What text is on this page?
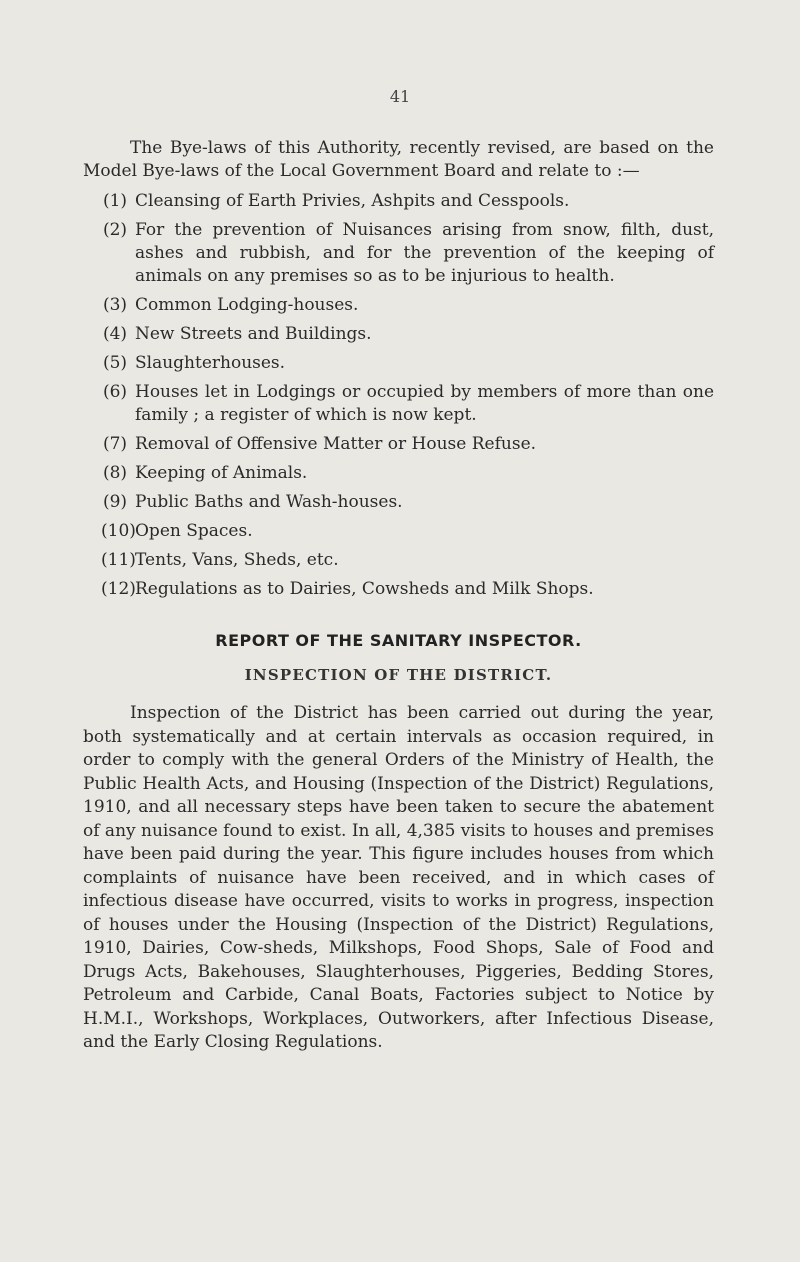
41

The Bye-laws of this Authority, recently revised, are based on the Model Bye-laws of the Local Government Board and relate to :—

(1) Cleansing of Earth Privies, Ashpits and Cesspools.
(2) For the prevention of Nuisances arising from snow, filth, dust, ashes and rubbish, and for the prevention of the keeping of animals on any premises so as to be injurious to health.
(3) Common Lodging-houses.
(4) New Streets and Buildings.
(5) Slaughterhouses.
(6) Houses let in Lodgings or occupied by members of more than one family ; a register of which is now kept.
(7) Removal of Offensive Matter or House Refuse.
(8) Keeping of Animals.
(9) Public Baths and Wash-houses.
(10) Open Spaces.
(11) Tents, Vans, Sheds, etc.
(12) Regulations as to Dairies, Cowsheds and Milk Shops.
REPORT OF THE SANITARY INSPECTOR.
INSPECTION OF THE DISTRICT.

Inspection of the District has been carried out during the year, both systematically and at certain intervals as occasion required, in order to comply with the general Orders of the Ministry of Health, the Public Health Acts, and Housing (Inspection of the District) Regulations, 1910, and all necessary steps have been taken to secure the abatement of any nuisance found to exist. In all, 4,385 visits to houses and premises have been paid during the year. This figure includes houses from which complaints of nuisance have been received, and in which cases of infectious disease have occurred, visits to works in progress, inspection of houses under the Housing (Inspection of the District) Regulations, 1910, Dairies, Cow-sheds, Milkshops, Food Shops, Sale of Food and Drugs Acts, Bakehouses, Slaughterhouses, Piggeries, Bedding Stores, Petroleum and Carbide, Canal Boats, Factories subject to Notice by H.M.I., Workshops, Workplaces, Outworkers, after Infectious Disease, and the Early Closing Regulations.
